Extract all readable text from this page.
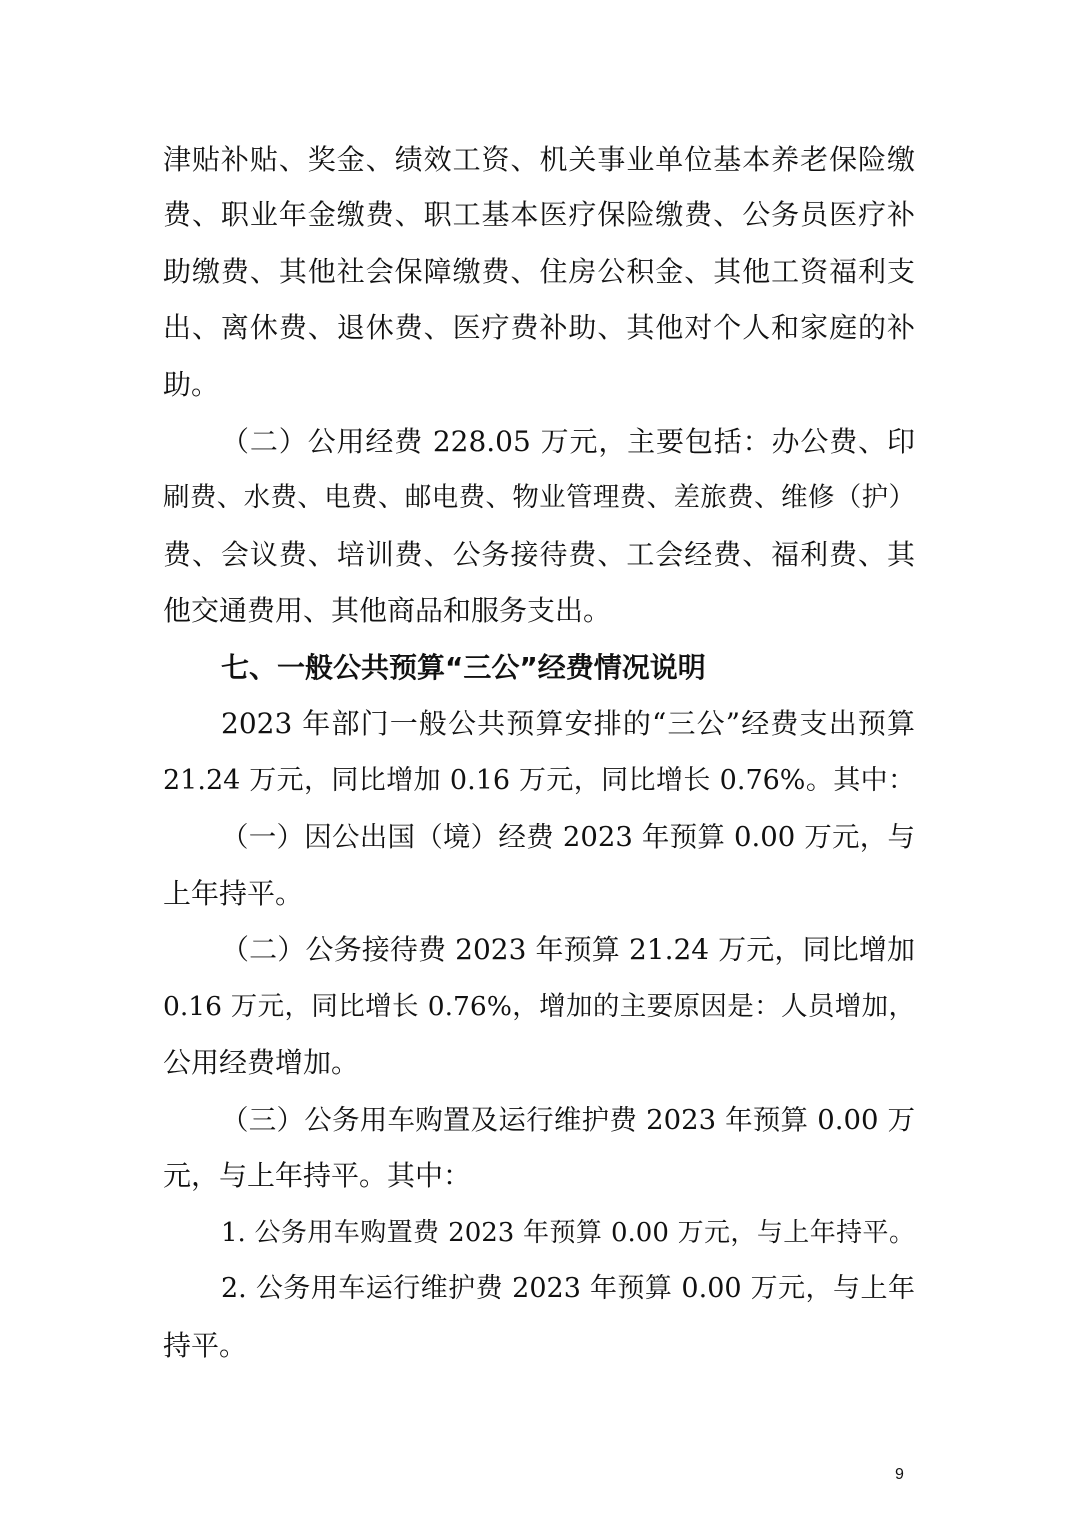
津贴补贴、奖金、绩效工资、机关事业单位基本养老保险缴
费、职业年金缴费、职工基本医疗保险缴费、公务员医疗补
助缴费、其他社会保障缴费、住房公积金、其他工资福利支
出、离休费、退休费、医疗费补助、其他对个人和家庭的补
助。
（二）公用经费 228.05 万元，主要包括：办公费、印
刷费、水费、电费、邮电费、物业管理费、差旅费、维修（护）
费、会议费、培训费、公务接待费、工会经费、福利费、其
他交通费用、其他商品和服务支出。
七、一般公共预算“三公”经费情况说明
2023 年部门一般公共预算安排的“三公”经费支出预算
21.24 万元，同比增加 0.16 万元，同比增长 0.76%。其中：
（一）因公出国（境）经费 2023 年预算 0.00 万元，与
上年持平。
（二）公务接待费 2023 年预算 21.24 万元，同比增加
0.16 万元，同比增长 0.76%，增加的主要原因是：人员增加，
公用经费增加。
（三）公务用车购置及运行维护费 2023 年预算 0.00 万
元，与上年持平。其中：
1. 公务用车购置费 2023 年预算 0.00 万元，与上年持平。
2. 公务用车运行维护费 2023 年预算 0.00 万元，与上年
持平。
9
